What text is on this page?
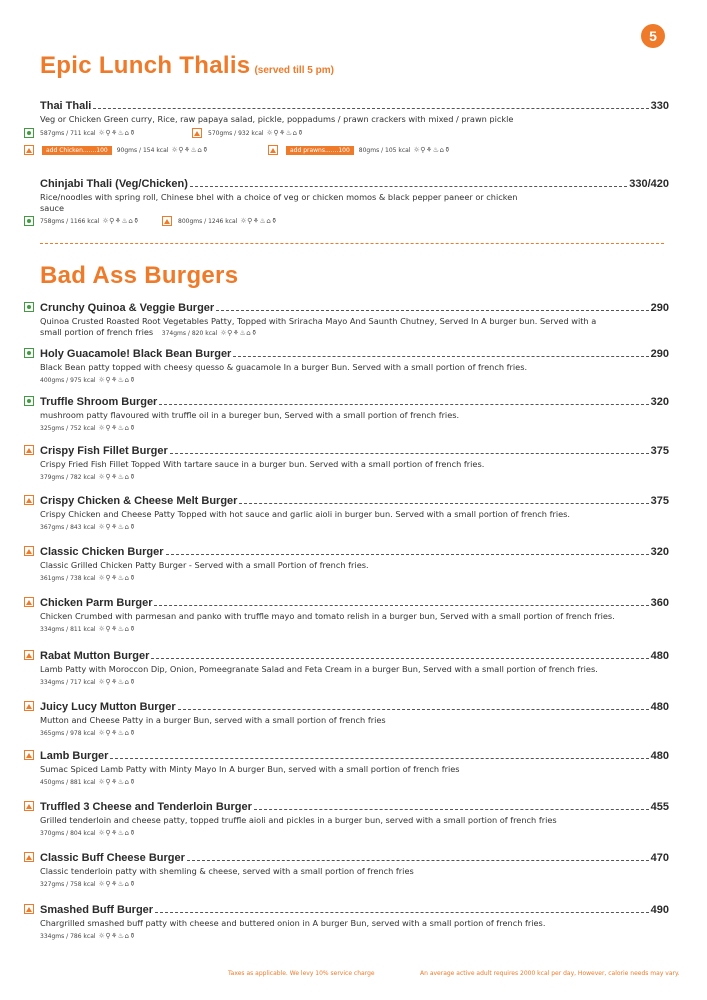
5
Epic Lunch Thalis (served till 5 pm)
Thai Thali	330
Veg or Chicken Green curry, Rice, raw papaya salad, pickle, poppadums / prawn crackers with mixed / prawn pickle
587gms / 711 kcal ☼⚲⚘♨⌂⚱	570gms / 932 kcal ☼⚲⚘♨⌂⚱
add Chicken.......100	90gms / 154 kcal ☼⚲⚘♨⌂⚱	add prawns.......100	80gms / 105 kcal ☼⚲⚘♨⌂⚱
Chinjabi Thali (Veg/Chicken)	330/420
Rice/noodles with spring roll, Chinese bhel with a choice of veg or chicken momos & black pepper paneer or chicken sauce
758gms / 1166 kcal ☼⚲⚘♨⌂⚱	800gms / 1246 kcal ☼⚲⚘♨⌂⚱
Bad Ass Burgers
Crunchy Quinoa & Veggie Burger	290
Quinoa Crusted Roasted Root Vegetables Patty, Topped with Sriracha Mayo And Saunth Chutney, Served In A burger bun. Served with a small portion of french fries 374gms / 820 kcal ☼⚲⚘♨⌂⚱
Holy Guacamole! Black Bean Burger	290
Black Bean patty topped with cheesy quesso & guacamole In a burger Bun. Served with a small portion of french fries.
400gms / 975 kcal ☼⚲⚘♨⌂⚱
Truffle Shroom Burger	320
mushroom patty flavoured with truffle oil in a bureger bun, Served with a small portion of french fries.
325gms / 752 kcal ☼⚲⚘♨⌂⚱
Crispy Fish Fillet Burger	375
Crispy Fried Fish Fillet Topped With tartare sauce in a burger bun. Served with a small portion of french fries.
379gms / 782 kcal ☼⚲⚘♨⌂⚱
Crispy Chicken & Cheese Melt Burger	375
Crispy Chicken and Cheese Patty Topped with hot sauce and garlic aioli in burger bun. Served with a small portion of french fries.
367gms / 843 kcal ☼⚲⚘♨⌂⚱
Classic Chicken Burger	320
Classic Grilled Chicken Patty Burger - Served with a small Portion of french fries.
361gms / 738 kcal ☼⚲⚘♨⌂⚱
Chicken Parm Burger	360
Chicken Crumbed with parmesan and panko with truffle mayo and tomato relish in a burger bun, Served with a small portion of french fries.
334gms / 811 kcal ☼⚲⚘♨⌂⚱
Rabat Mutton Burger	480
Lamb Patty with Moroccon Dip, Onion, Pomeegranate Salad and Feta Cream in a burger Bun, Served with a small portion of french fries.
334gms / 717 kcal ☼⚲⚘♨⌂⚱
Juicy Lucy Mutton Burger	480
Mutton and Cheese Patty in a burger Bun, served with a small portion of french fries
365gms / 978 kcal ☼⚲⚘♨⌂⚱
Lamb Burger	480
Sumac Spiced Lamb Patty with Minty Mayo In A burger Bun, served with a small portion of french fries
450gms / 881 kcal ☼⚲⚘♨⌂⚱
Truffled 3 Cheese and Tenderloin Burger	455
Grilled tenderloin and cheese patty, topped truffle aioli and pickles in a burger bun, served with a small portion of french fries
370gms / 804 kcal ☼⚲⚘♨⌂⚱
Classic Buff Cheese Burger	470
Classic tenderloin patty with shemling & cheese, served with a small portion of french fries
327gms / 758 kcal ☼⚲⚘♨⌂⚱
Smashed Buff Burger	490
Chargrilled smashed buff patty with cheese and buttered onion in A burger Bun, served with a small portion of french fries.
334gms / 786 kcal ☼⚲⚘♨⌂⚱
Taxes as applicable. We levy 10% service charge	An average active adult requires 2000 kcal per day, However, calorie needs may vary.
